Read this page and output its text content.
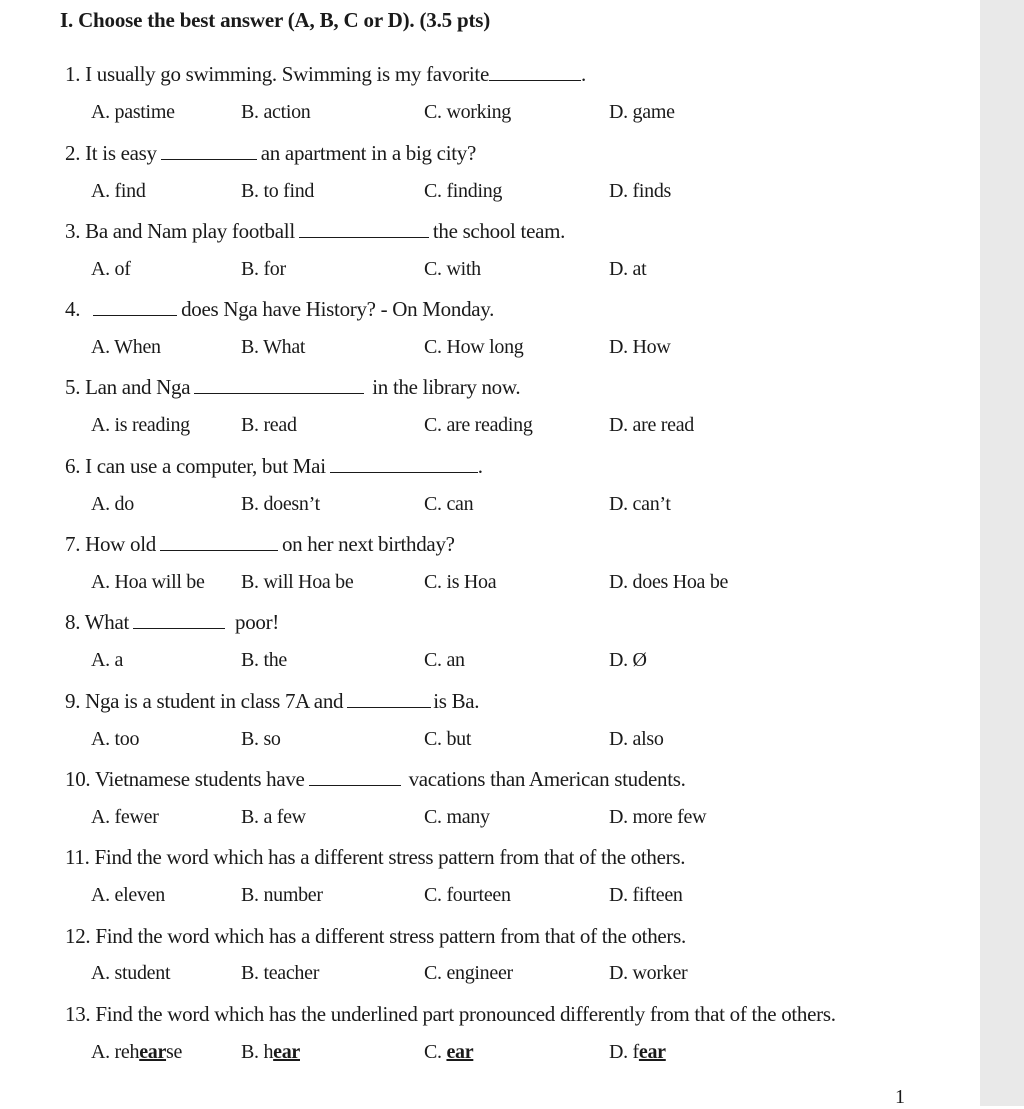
I. Choose the best answer (A, B, C or D). (3.5 pts)
1. I usually go swimming. Swimming is my favorite	.
A. pastime	B. action	C. working	D. game
2. It is easy	an apartment in a big city?
A. find	B. to find	C. finding	D. finds
3. Ba and Nam play football	the school team.
A. of	B. for	C. with	D. at
4.	does Nga have History? - On Monday.
A. When	B. What	C. How long	D. How
5. Lan and Nga	in the library now.
A. is reading	B. read	C. are reading	D. are read
6. I can use a computer, but Mai	.
A. do	B. doesn’t	C. can	D. can’t
7. How old	on her next birthday?
A. Hoa will be B. will Hoa be	C. is Hoa	D. does Hoa be
8. What	poor!
A. a	B. the	C. an	D. Ø
9. Nga is a student in class 7A and	is Ba.
A. too	B. so	C. but	D. also
10. Vietnamese students have	vacations than American students.
A. fewer	B. a few	C. many	D. more few
11. Find the word which has a different stress pattern from that of the others.
A. eleven	B. number	C. fourteen	D. fifteen
12. Find the word which has a different stress pattern from that of the others.
A. student	B. teacher	C. engineer	D. worker
13. Find the word which has the underlined part pronounced differently from that of the others.
A. rehearse	B. hear	C. ear	D. fear
1
